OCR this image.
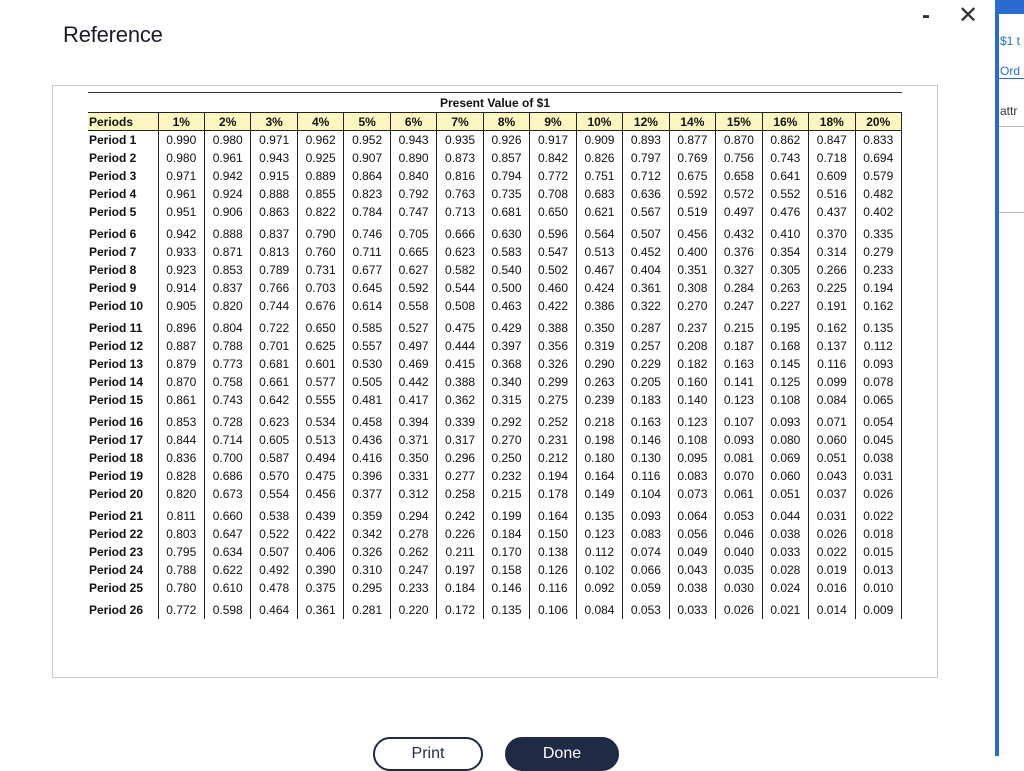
Reference
- ✕
$1 t
Ord
attr
Present Value of $1
Periods	1%	2%	3%	4%	5%	6%	7%	8%	9%	10%	12%	14%	15%	16%	18%	20%
Period 1	0.990	0.980	0.971	0.962	0.952	0.943	0.935	0.926	0.917	0.909	0.893	0.877	0.870	0.862	0.847	0.833
Period 2	0.980	0.961	0.943	0.925	0.907	0.890	0.873	0.857	0.842	0.826	0.797	0.769	0.756	0.743	0.718	0.694
Period 3	0.971	0.942	0.915	0.889	0.864	0.840	0.816	0.794	0.772	0.751	0.712	0.675	0.658	0.641	0.609	0.579
Period 4	0.961	0.924	0.888	0.855	0.823	0.792	0.763	0.735	0.708	0.683	0.636	0.592	0.572	0.552	0.516	0.482
Period 5	0.951	0.906	0.863	0.822	0.784	0.747	0.713	0.681	0.650	0.621	0.567	0.519	0.497	0.476	0.437	0.402

Period 6	0.942	0.888	0.837	0.790	0.746	0.705	0.666	0.630	0.596	0.564	0.507	0.456	0.432	0.410	0.370	0.335
Period 7	0.933	0.871	0.813	0.760	0.711	0.665	0.623	0.583	0.547	0.513	0.452	0.400	0.376	0.354	0.314	0.279
Period 8	0.923	0.853	0.789	0.731	0.677	0.627	0.582	0.540	0.502	0.467	0.404	0.351	0.327	0.305	0.266	0.233
Period 9	0.914	0.837	0.766	0.703	0.645	0.592	0.544	0.500	0.460	0.424	0.361	0.308	0.284	0.263	0.225	0.194
Period 10	0.905	0.820	0.744	0.676	0.614	0.558	0.508	0.463	0.422	0.386	0.322	0.270	0.247	0.227	0.191	0.162

Period 11	0.896	0.804	0.722	0.650	0.585	0.527	0.475	0.429	0.388	0.350	0.287	0.237	0.215	0.195	0.162	0.135
Period 12	0.887	0.788	0.701	0.625	0.557	0.497	0.444	0.397	0.356	0.319	0.257	0.208	0.187	0.168	0.137	0.112
Period 13	0.879	0.773	0.681	0.601	0.530	0.469	0.415	0.368	0.326	0.290	0.229	0.182	0.163	0.145	0.116	0.093
Period 14	0.870	0.758	0.661	0.577	0.505	0.442	0.388	0.340	0.299	0.263	0.205	0.160	0.141	0.125	0.099	0.078
Period 15	0.861	0.743	0.642	0.555	0.481	0.417	0.362	0.315	0.275	0.239	0.183	0.140	0.123	0.108	0.084	0.065

Period 16	0.853	0.728	0.623	0.534	0.458	0.394	0.339	0.292	0.252	0.218	0.163	0.123	0.107	0.093	0.071	0.054
Period 17	0.844	0.714	0.605	0.513	0.436	0.371	0.317	0.270	0.231	0.198	0.146	0.108	0.093	0.080	0.060	0.045
Period 18	0.836	0.700	0.587	0.494	0.416	0.350	0.296	0.250	0.212	0.180	0.130	0.095	0.081	0.069	0.051	0.038
Period 19	0.828	0.686	0.570	0.475	0.396	0.331	0.277	0.232	0.194	0.164	0.116	0.083	0.070	0.060	0.043	0.031
Period 20	0.820	0.673	0.554	0.456	0.377	0.312	0.258	0.215	0.178	0.149	0.104	0.073	0.061	0.051	0.037	0.026

Period 21	0.811	0.660	0.538	0.439	0.359	0.294	0.242	0.199	0.164	0.135	0.093	0.064	0.053	0.044	0.031	0.022
Period 22	0.803	0.647	0.522	0.422	0.342	0.278	0.226	0.184	0.150	0.123	0.083	0.056	0.046	0.038	0.026	0.018
Period 23	0.795	0.634	0.507	0.406	0.326	0.262	0.211	0.170	0.138	0.112	0.074	0.049	0.040	0.033	0.022	0.015
Period 24	0.788	0.622	0.492	0.390	0.310	0.247	0.197	0.158	0.126	0.102	0.066	0.043	0.035	0.028	0.019	0.013
Period 25	0.780	0.610	0.478	0.375	0.295	0.233	0.184	0.146	0.116	0.092	0.059	0.038	0.030	0.024	0.016	0.010

Period 26	0.772	0.598	0.464	0.361	0.281	0.220	0.172	0.135	0.106	0.084	0.053	0.033	0.026	0.021	0.014	0.009
Print	Done
